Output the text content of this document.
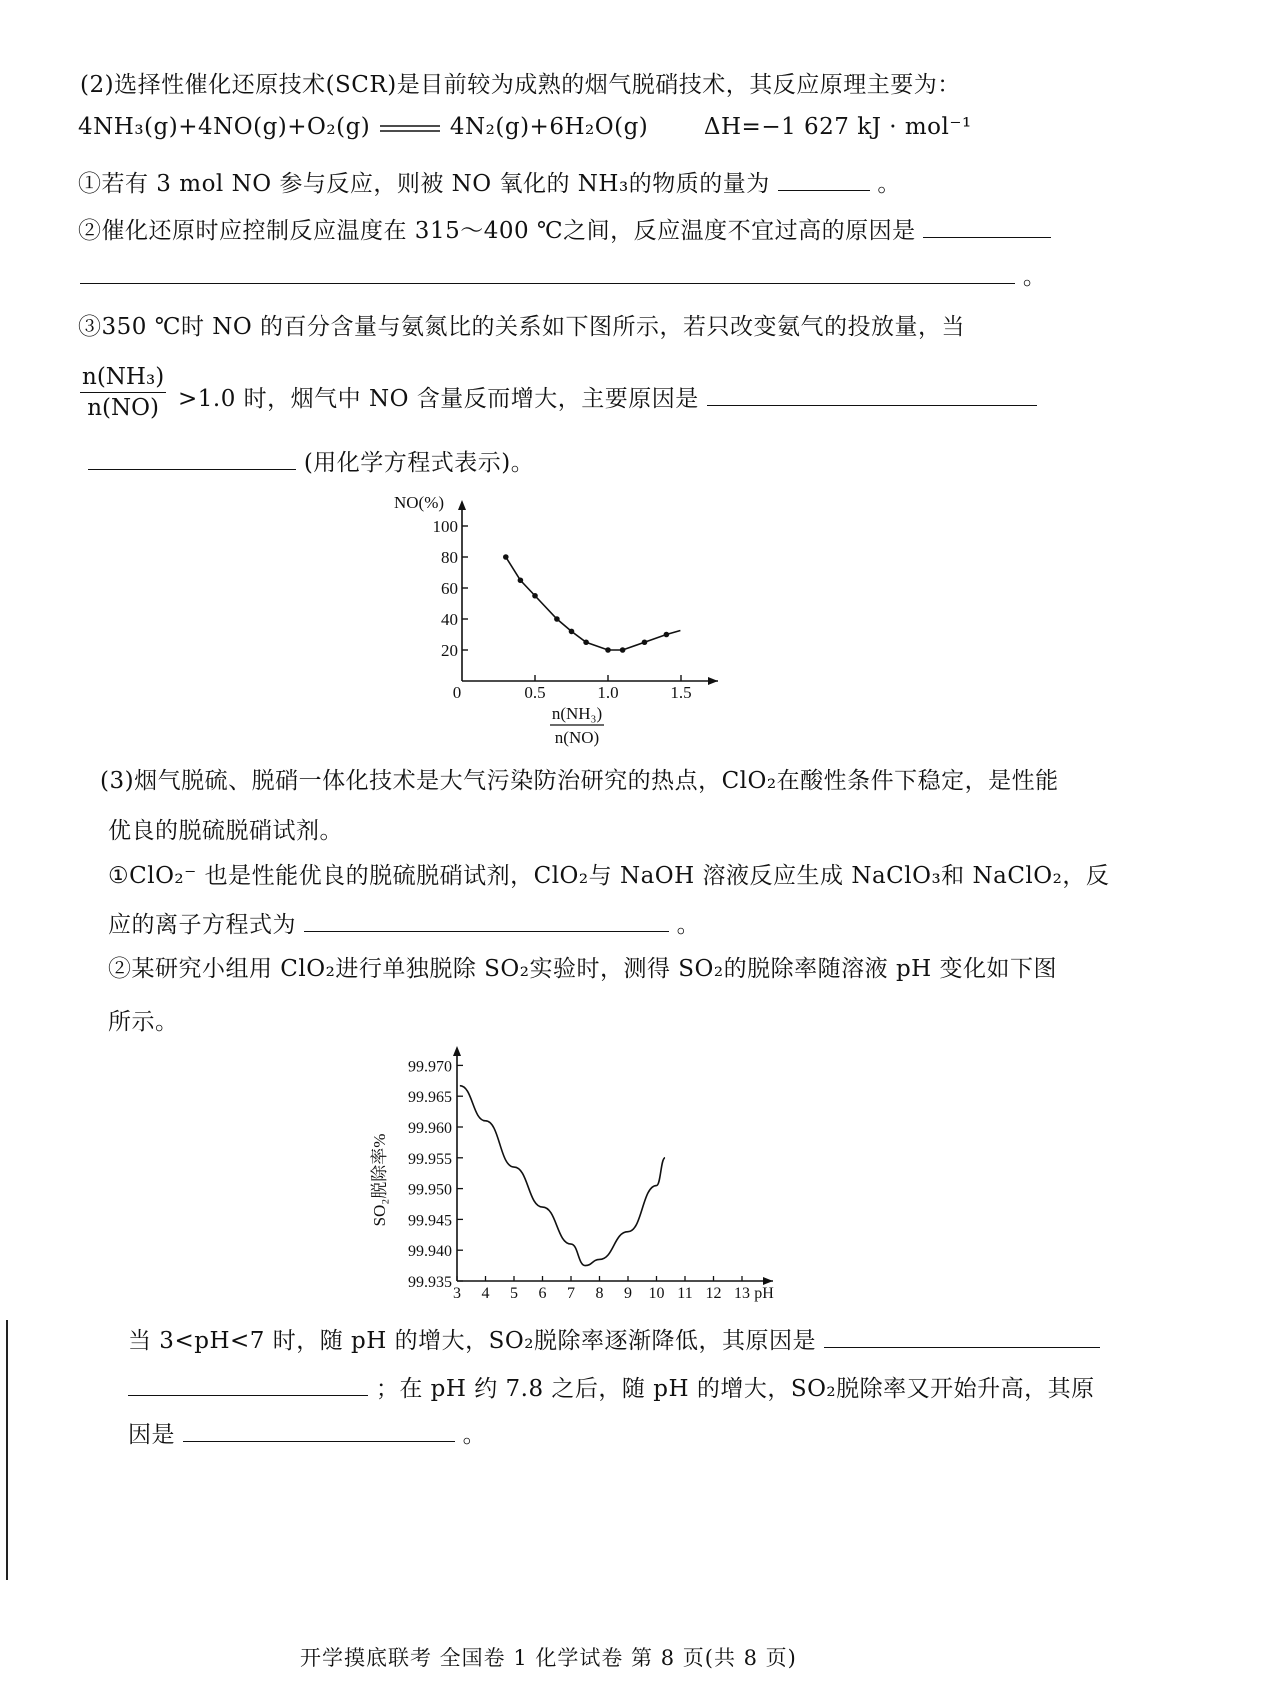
(2)选择性催化还原技术(SCR)是目前较为成熟的烟气脱硝技术，其反应原理主要为：
4NH₃(g)+4NO(g)+O₂(g)	4N₂(g)+6H₂O(g) ΔH=−1 627 kJ · mol⁻¹
①若有 3 mol NO 参与反应，则被 NO 氧化的 NH₃的物质的量为	。
②催化还原时应控制反应温度在 315～400 ℃之间，反应温度不宜过高的原因是
。
③350 ℃时 NO 的百分含量与氨氮比的关系如下图所示，若只改变氨气的投放量，当
n(NH₃)
n(NO) >1.0 时，烟气中 NO 含量反而增大，主要原因是
(用化学方程式表示)。
0.5	1.0	1.5
20
40
60
80
100
NO(%)
0
n(NH₃)
n(NO)
(3)烟气脱硫、脱硝一体化技术是大气污染防治研究的热点，ClO₂在酸性条件下稳定，是性能
优良的脱硫脱硝试剂。
①ClO₂⁻ 也是性能优良的脱硫脱硝试剂，ClO₂与 NaOH 溶液反应生成 NaClO₃和 NaClO₂，反
应的离子方程式为	。
②某研究小组用 ClO₂进行单独脱除 SO₂实验时，测得 SO₂的脱除率随溶液 pH 变化如下图
所示。
3 4 5 6 7 8 9 10 11 12 13 pH
99.935
99.940
99.945
99.950
99.955
99.960
99.965
99.970
SO₂脱除率%
当 3<pH<7 时，随 pH 的增大，SO₂脱除率逐渐降低，其原因是
；在 pH 约 7.8 之后，随 pH 的增大，SO₂脱除率又开始升高，其原
因是	。
开学摸底联考 全国卷 1 化学试卷 第 8 页(共 8 页)
